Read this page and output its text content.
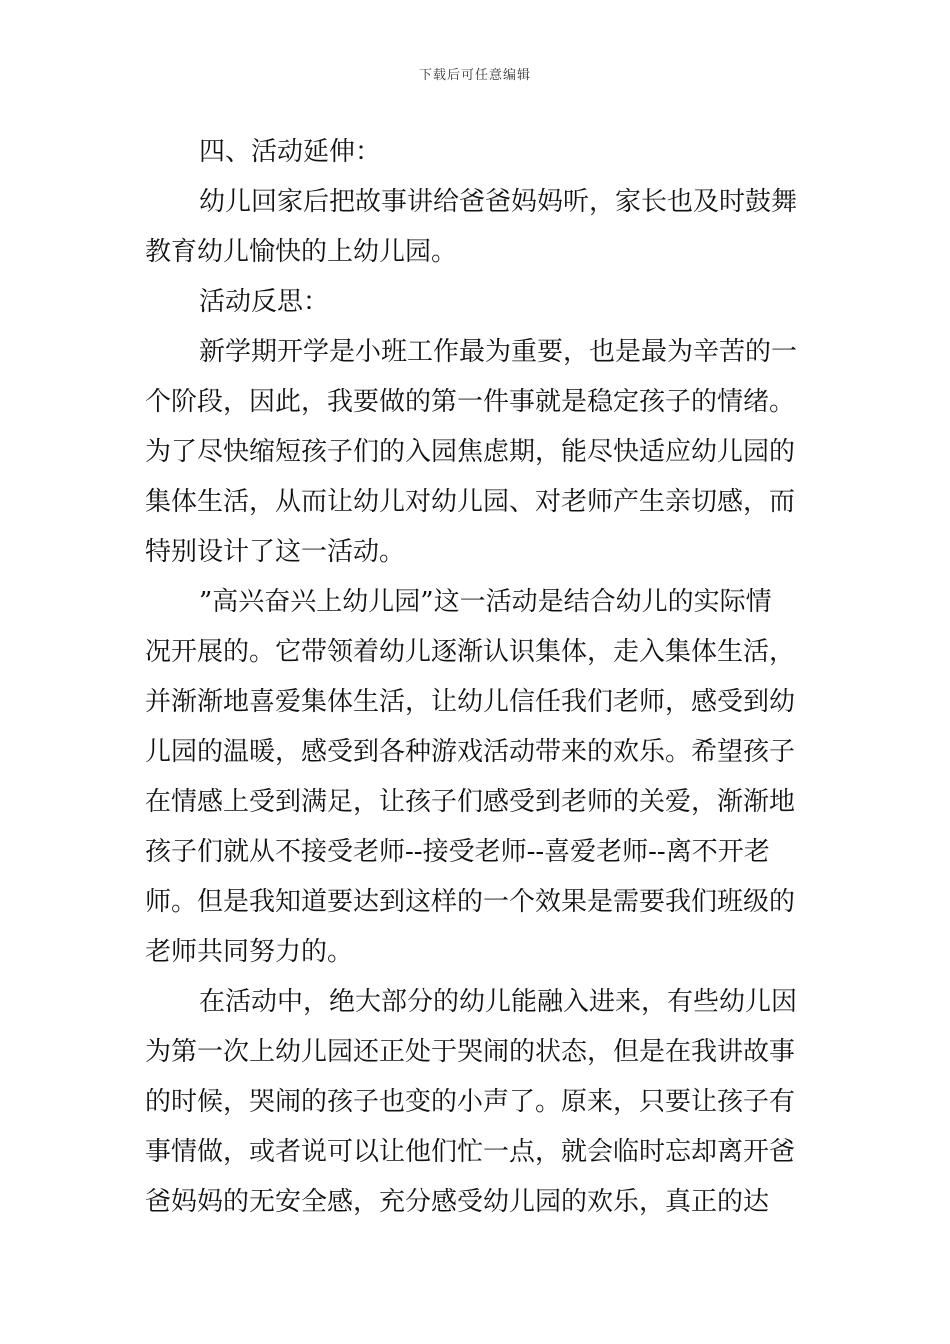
下载后可任意编辑
四、活动延伸：
幼儿回家后把故事讲给爸爸妈妈听，家长也及时鼓舞
教育幼儿愉快的上幼儿园。
活动反思：
新学期开学是小班工作最为重要，也是最为辛苦的一
个阶段，因此，我要做的第一件事就是稳定孩子的情绪。
为了尽快缩短孩子们的入园焦虑期，能尽快适应幼儿园的
集体生活，从而让幼儿对幼儿园、对老师产生亲切感，而
特别设计了这一活动。
”高兴奋兴上幼儿园”这一活动是结合幼儿的实际情
况开展的。它带领着幼儿逐渐认识集体，走入集体生活，
并渐渐地喜爱集体生活，让幼儿信任我们老师，感受到幼
儿园的温暖，感受到各种游戏活动带来的欢乐。希望孩子
在情感上受到满足，让孩子们感受到老师的关爱，渐渐地
孩子们就从不接受老师--接受老师--喜爱老师--离不开老
师。但是我知道要达到这样的一个效果是需要我们班级的
老师共同努力的。
在活动中，绝大部分的幼儿能融入进来，有些幼儿因
为第一次上幼儿园还正处于哭闹的状态，但是在我讲故事
的时候，哭闹的孩子也变的小声了。原来，只要让孩子有
事情做，或者说可以让他们忙一点，就会临时忘却离开爸
爸妈妈的无安全感，充分感受幼儿园的欢乐，真正的达
